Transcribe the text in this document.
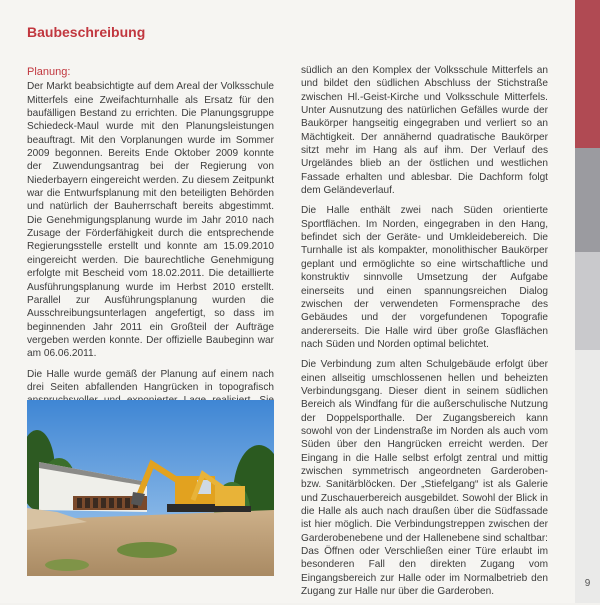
Baubeschreibung

Planung:
Der Markt beabsichtigte auf dem Areal der Volksschule Mitterfels eine Zweifachturnhalle als Ersatz für den baufälligen Bestand zu errichten. Die Planungsgruppe Schiedeck-Maul wurde mit den Planungsleistungen beauftragt. Mit den Vorplanungen wurde im Sommer 2009 begonnen. Bereits Ende Oktober 2009 konnte der Zuwendungsantrag bei der Regierung von Niederbayern eingereicht werden. Zu diesem Zeitpunkt war die Entwurfsplanung mit den beteiligten Behörden und natürlich der Bauherrschaft bereits abgestimmt. Die Genehmigungsplanung wurde im Jahr 2010 nach Zusage der Förderfähigkeit durch die entsprechende Regierungsstelle erstellt und konnte am 15.09.2010 eingereicht werden. Die baurechtliche Genehmigung erfolgte mit Bescheid vom 18.02.2011. Die detaillierte Ausführungsplanung wurde im Herbst 2010 erstellt. Parallel zur Ausführungsplanung wurden die Ausschreibungsunterlagen angefertigt, so dass im beginnenden Jahr 2011 ein Großteil der Aufträge vergeben werden konnte. Der offizielle Baubeginn war am 06.06.2011.

Die Halle wurde gemäß der Planung auf einem nach drei Seiten abfallenden Hangrücken in topografisch

südlich an den Komplex der Volksschule Mitterfels an und bildet den südlichen Abschluss der Stichstraße zwischen Hl.-Geist-Kirche und Volksschule Mitterfels. Unter Ausnutzung des natürlichen Gefälles wurde der Baukörper hangseitig eingegraben und verliert so an Mächtigkeit. Der annähernd quadratische Baukörper sitzt mehr im Hang als auf ihm. Der Verlauf des Urgeländes blieb an der östlichen und westlichen Fassade erhalten und ablesbar. Die Dachform folgt dem Geländeverlauf.

Die Halle enthält zwei nach Süden orientierte Sportflächen. Im Norden, eingegraben in den Hang, befindet sich der Geräte- und Umkleidebereich. Die Turnhalle ist als kompakter, monolithischer Baukörper geplant und ermöglichte so eine wirtschaftliche und konstruktiv sinnvolle Umsetzung der Aufgabe einerseits und einen spannungsreichen Dialog zwischen der verwendeten Formensprache des Gebäudes und der vorgefundenen Topografie andererseits. Die Halle wird über große Glasflächen nach Süden und Norden optimal belichtet.

Die Verbindung zum alten Schulgebäude erfolgt über einen allseitig umschlossenen hellen und beheizten Verbindungsgang. Dieser dient in seinem südlichen Bereich als Windfang für die außerschulische Nutzung der Doppelsporthalle. Der Zugangsbereich kann sowohl von der Lindenstraße im Norden als auch vom Süden über den Hangrücken erreicht werden. Der Eingang in die Halle selbst erfolgt zentral und mittig zwischen symmetrisch angeordneten Garderoben- bzw. Sanitärblöcken. Der „Stiefelgang“ ist als Galerie und Zuschauerbereich ausgebildet. Sowohl der Blick in die Halle als auch nach draußen über die Südfassade ist hier möglich. Die Verbindungstreppen zwischen der Garderobenebene und der Hallenebene sind schaltbar: Das Öffnen oder Verschließen einer Türe erlaubt im besonderen Fall den direkten Zugang vom Eingangsbereich zur Halle oder im Normalbetrieb den Zugang zur Halle nur über die Garderoben.

9
